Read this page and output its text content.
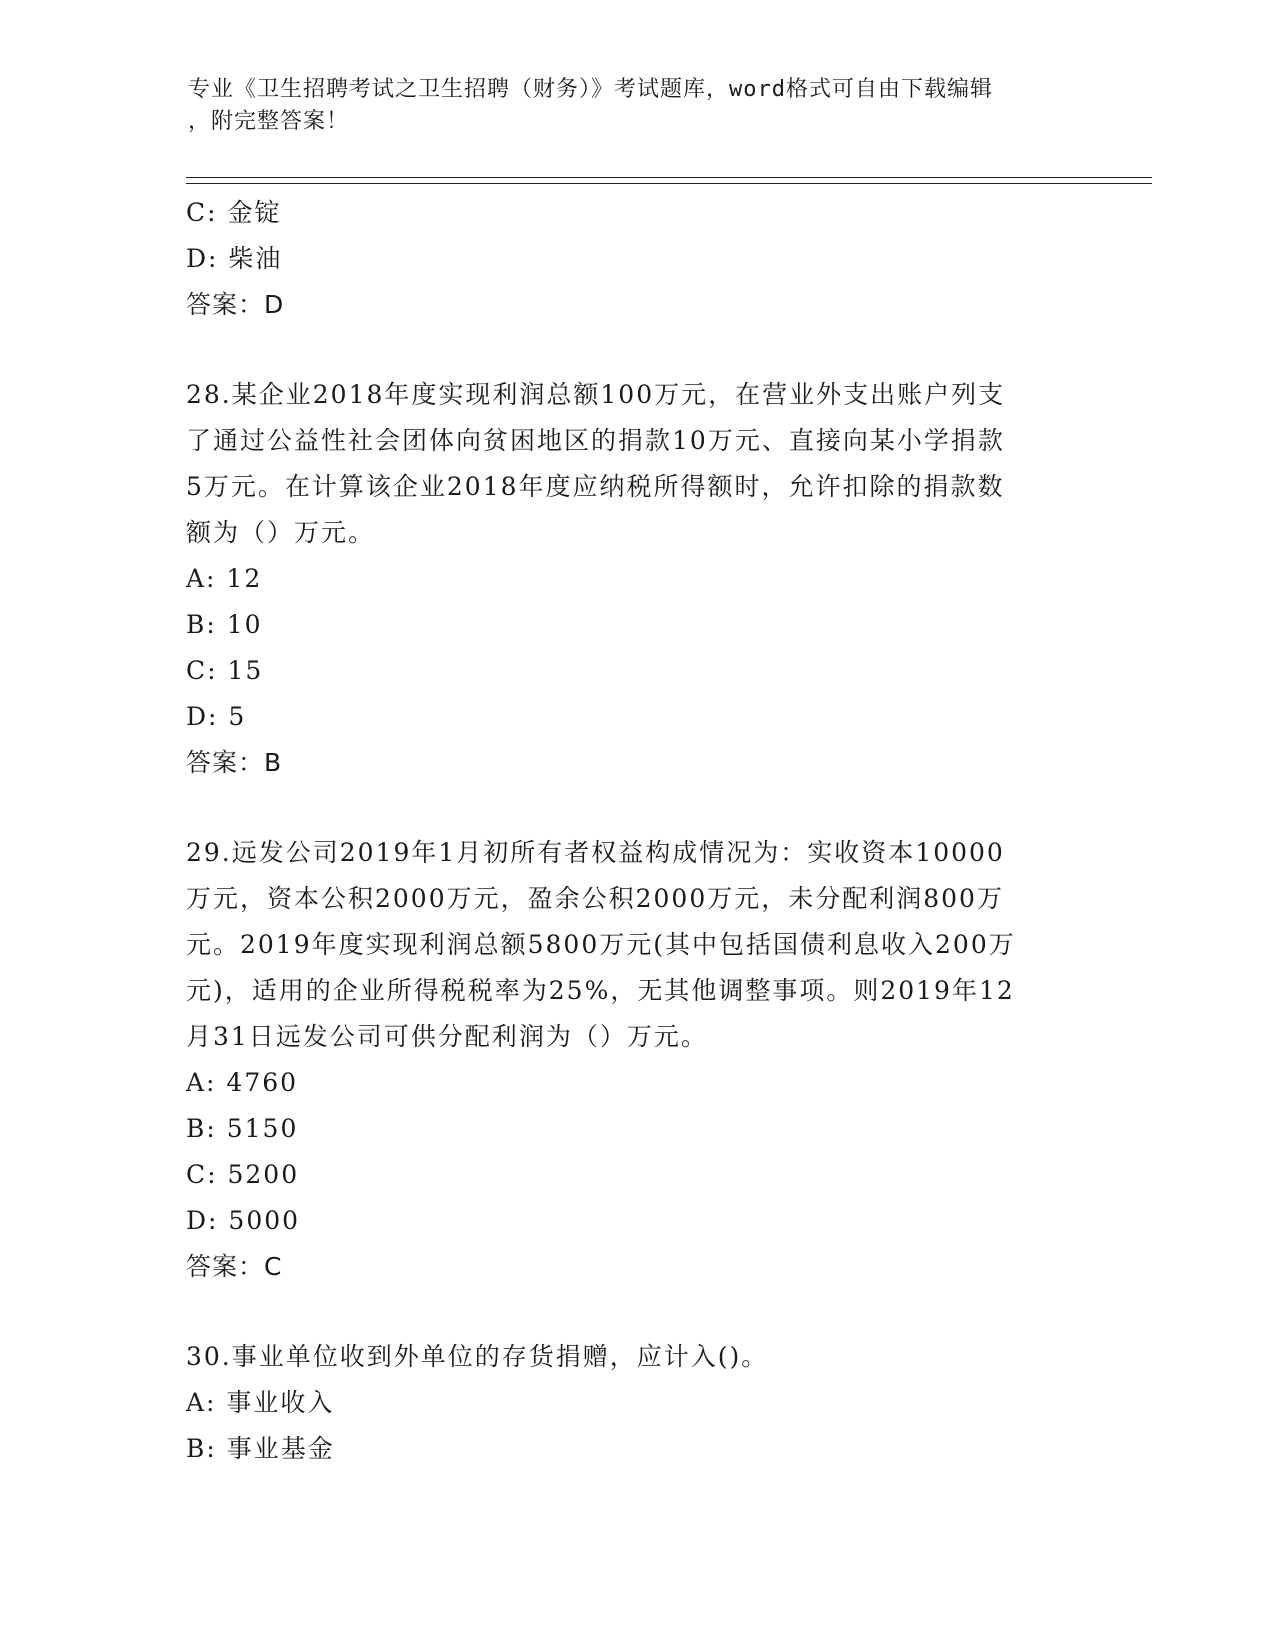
专业《卫生招聘考试之卫生招聘（财务）》考试题库，word格式可自由下载编辑
，附完整答案！
C: 金锭
D: 柴油
答案：D
28.某企业2018年度实现利润总额100万元，在营业外支出账户列支
了通过公益性社会团体向贫困地区的捐款10万元、直接向某小学捐款
5万元。在计算该企业2018年度应纳税所得额时，允许扣除的捐款数
额为（）万元。
A: 12
B: 10
C: 15
D: 5
答案：B
29.远发公司2019年1月初所有者权益构成情况为：实收资本10000
万元，资本公积2000万元，盈余公积2000万元，未分配利润800万
元。2019年度实现利润总额5800万元(其中包括国债利息收入200万
元)，适用的企业所得税税率为25%，无其他调整事项。则2019年12
月31日远发公司可供分配利润为（）万元。
A: 4760
B: 5150
C: 5200
D: 5000
答案：C
30.事业单位收到外单位的存货捐赠，应计入()。
A: 事业收入
B: 事业基金
